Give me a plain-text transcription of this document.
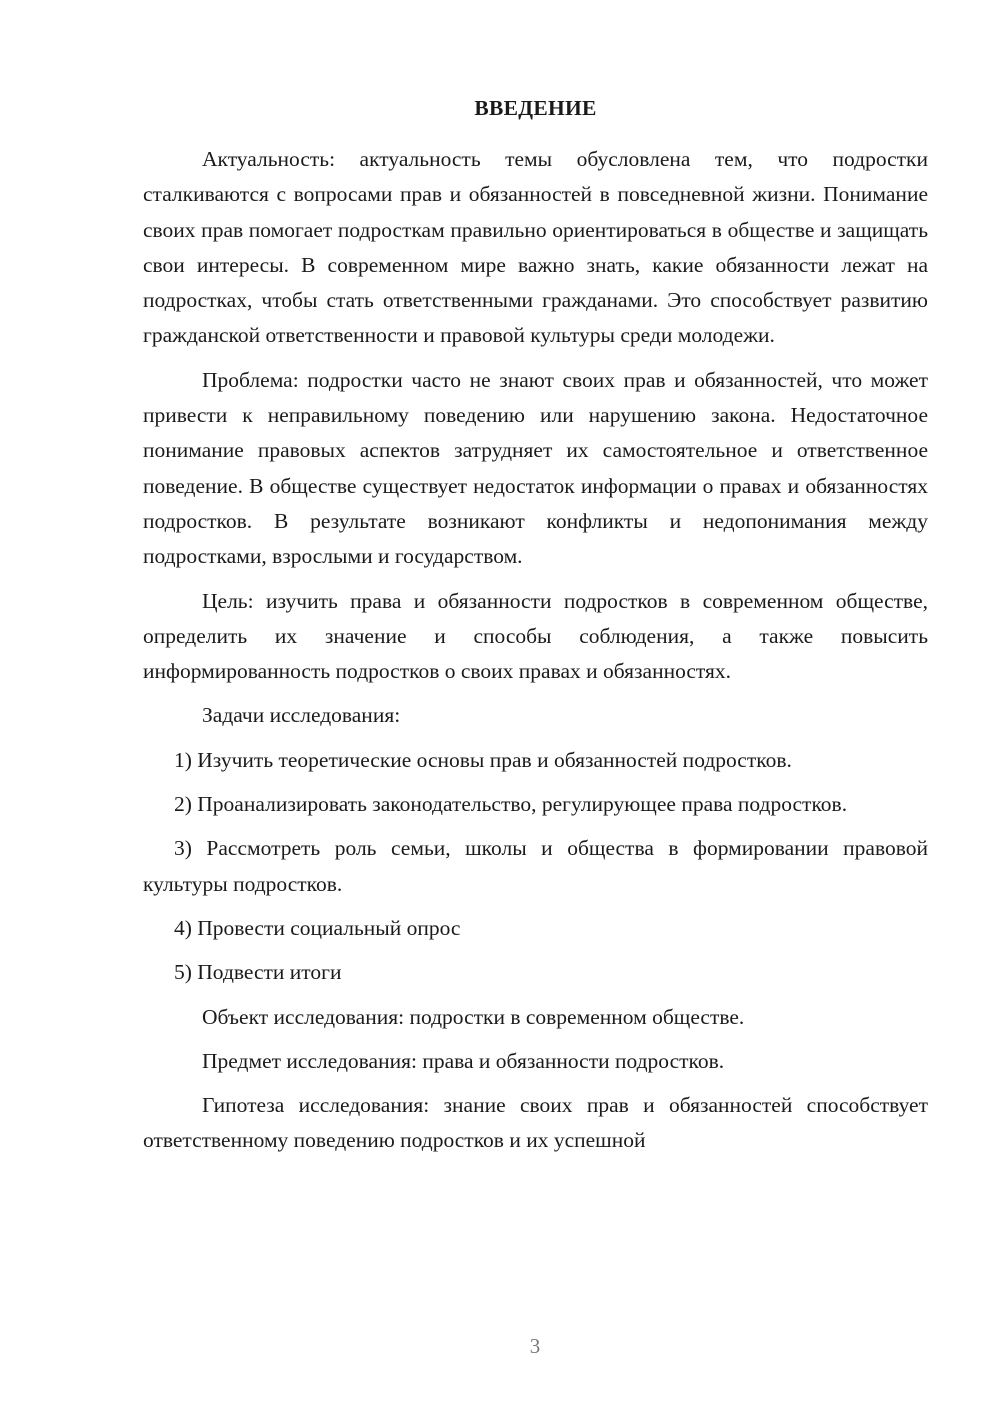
ВВЕДЕНИЕ

Актуальность: актуальность темы обусловлена тем, что подростки сталкиваются с вопросами прав и обязанностей в повседневной жизни. Понимание своих прав помогает подросткам правильно ориентироваться в обществе и защищать свои интересы. В современном мире важно знать, какие обязанности лежат на подростках, чтобы стать ответственными гражданами. Это способствует развитию гражданской ответственности и правовой культуры среди молодежи.

Проблема: подростки часто не знают своих прав и обязанностей, что может привести к неправильному поведению или нарушению закона. Недостаточное понимание правовых аспектов затрудняет их самостоятельное и ответственное поведение. В обществе существует недостаток информации о правах и обязанностях подростков. В результате возникают конфликты и недопонимания между подростками, взрослыми и государством.

Цель: изучить права и обязанности подростков в современном обществе, определить их значение и способы соблюдения, а также повысить информированность подростков о своих правах и обязанностях.

Задачи исследования:

1) Изучить теоретические основы прав и обязанностей подростков.

2) Проанализировать законодательство, регулирующее права подростков.

3) Рассмотреть роль семьи, школы и общества в формировании правовой культуры подростков.

4) Провести социальный опрос

5) Подвести итоги

Объект исследования: подростки в современном обществе.

Предмет исследования: права и обязанности подростков.

Гипотеза исследования: знание своих прав и обязанностей способствует ответственному поведению подростков и их успешной

3
